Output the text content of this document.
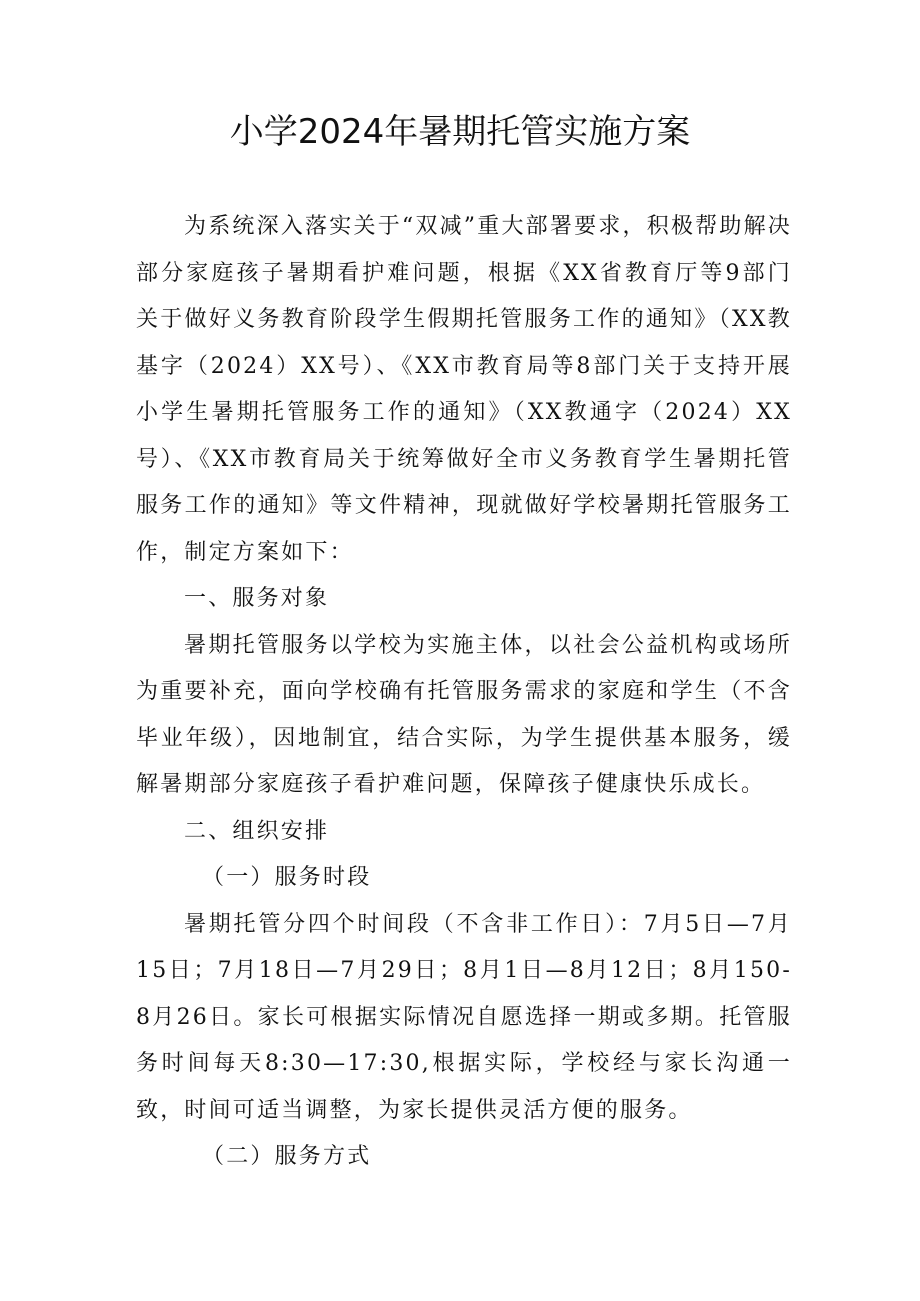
小学2024年暑期托管实施方案

为系统深入落实关于“双减”重大部署要求，积极帮助解决部分家庭孩子暑期看护难问题，根据《XX省教育厅等9部门关于做好义务教育阶段学生假期托管服务工作的通知》（XX教基字（2024）XX号）、《XX市教育局等8部门关于支持开展小学生暑期托管服务工作的通知》（XX教通字（2024）XX号）、《XX市教育局关于统筹做好全市义务教育学生暑期托管服务工作的通知》等文件精神，现就做好学校暑期托管服务工作，制定方案如下：

一、服务对象

暑期托管服务以学校为实施主体，以社会公益机构或场所为重要补充，面向学校确有托管服务需求的家庭和学生（不含毕业年级），因地制宜，结合实际，为学生提供基本服务，缓解暑期部分家庭孩子看护难问题，保障孩子健康快乐成长。

二、组织安排

（一）服务时段

暑期托管分四个时间段（不含非工作日）：7月5日—7月15日；7月18日—7月29日；8月1日—8月12日；8月150-8月26日。家长可根据实际情况自愿选择一期或多期。托管服务时间每天8:30—17:30,根据实际，学校经与家长沟通一致，时间可适当调整，为家长提供灵活方便的服务。

（二）服务方式
